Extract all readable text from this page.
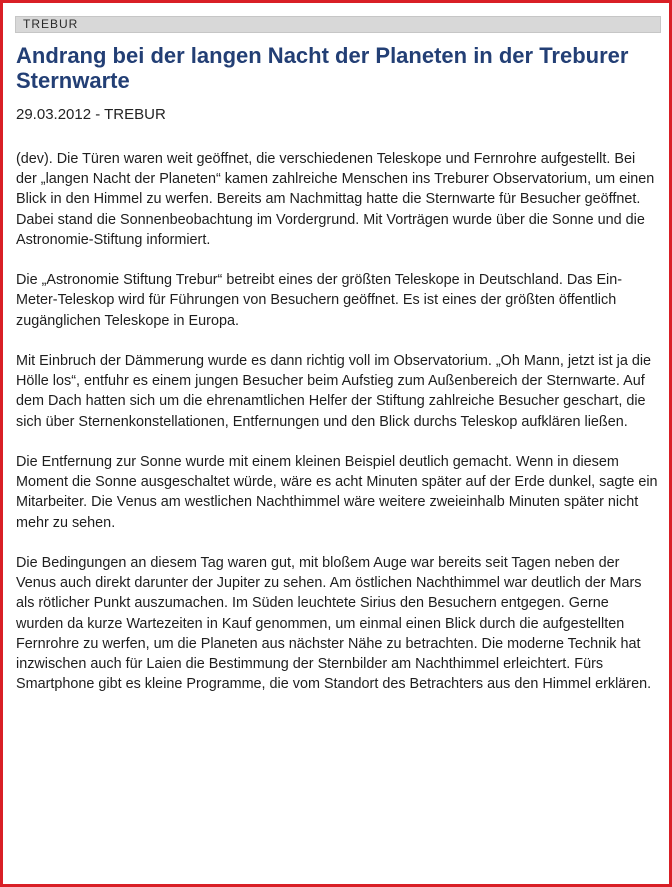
TREBUR
Andrang bei der langen Nacht der Planeten in der Treburer Sternwarte
29.03.2012 - TREBUR

(dev). Die Türen waren weit geöffnet, die verschiedenen Teleskope und Fernrohre aufgestellt. Bei der „langen Nacht der Planeten“ kamen zahlreiche Menschen ins Treburer Observatorium, um einen Blick in den Himmel zu werfen. Bereits am Nachmittag hatte die Sternwarte für Besucher geöffnet. Dabei stand die Sonnenbeobachtung im Vordergrund. Mit Vorträgen wurde über die Sonne und die Astronomie-Stiftung informiert.

Die „Astronomie Stiftung Trebur“ betreibt eines der größten Teleskope in Deutschland. Das Ein-Meter-Teleskop wird für Führungen von Besuchern geöffnet. Es ist eines der größten öffentlich zugänglichen Teleskope in Europa.

Mit Einbruch der Dämmerung wurde es dann richtig voll im Observatorium. „Oh Mann, jetzt ist ja die Hölle los“, entfuhr es einem jungen Besucher beim Aufstieg zum Außenbereich der Sternwarte. Auf dem Dach hatten sich um die ehrenamtlichen Helfer der Stiftung zahlreiche Besucher geschart, die sich über Sternenkonstellationen, Entfernungen und den Blick durchs Teleskop aufklären ließen.

Die Entfernung zur Sonne wurde mit einem kleinen Beispiel deutlich gemacht. Wenn in diesem Moment die Sonne ausgeschaltet würde, wäre es acht Minuten später auf der Erde dunkel, sagte ein Mitarbeiter. Die Venus am westlichen Nachthimmel wäre weitere zweieinhalb Minuten später nicht mehr zu sehen.

Die Bedingungen an diesem Tag waren gut, mit bloßem Auge war bereits seit Tagen neben der Venus auch direkt darunter der Jupiter zu sehen. Am östlichen Nachthimmel war deutlich der Mars als rötlicher Punkt auszumachen. Im Süden leuchtete Sirius den Besuchern entgegen. Gerne wurden da kurze Wartezeiten in Kauf genommen, um einmal einen Blick durch die aufgestellten Fernrohre zu werfen, um die Planeten aus nächster Nähe zu betrachten. Die moderne Technik hat inzwischen auch für Laien die Bestimmung der Sternbilder am Nachthimmel erleichtert. Fürs Smartphone gibt es kleine Programme, die vom Standort des Betrachters aus den Himmel erklären.
